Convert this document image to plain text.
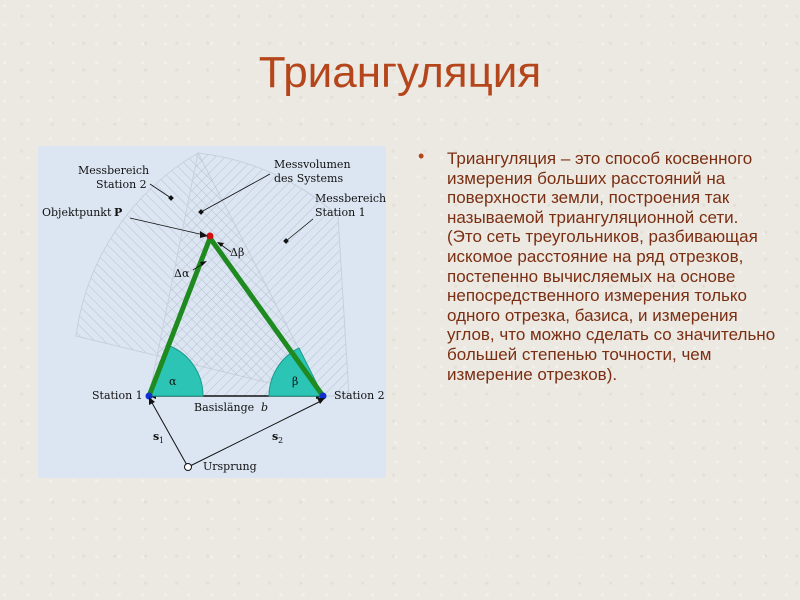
Триангуляция
Messbereich
Station 2
Messvolumen
des Systems
Messbereich
Station 1
Objektpunkt P
Δβ
Δα
α	β
Station 1	Station 2
Basislänge b
s 1	s 2
Ursprung
• Триангуляция – это способ косвенного измерения больших расстояний на поверхности земли, построения так называемой триангуляционной сети. (Это сеть треугольников, разбивающая искомое расстояние на ряд отрезков, постепенно вычисляемых на основе непосредственного измерения только одного отрезка, базиса, и измерения углов, что можно сделать со значительно большей степенью точности, чем измерение отрезков).
